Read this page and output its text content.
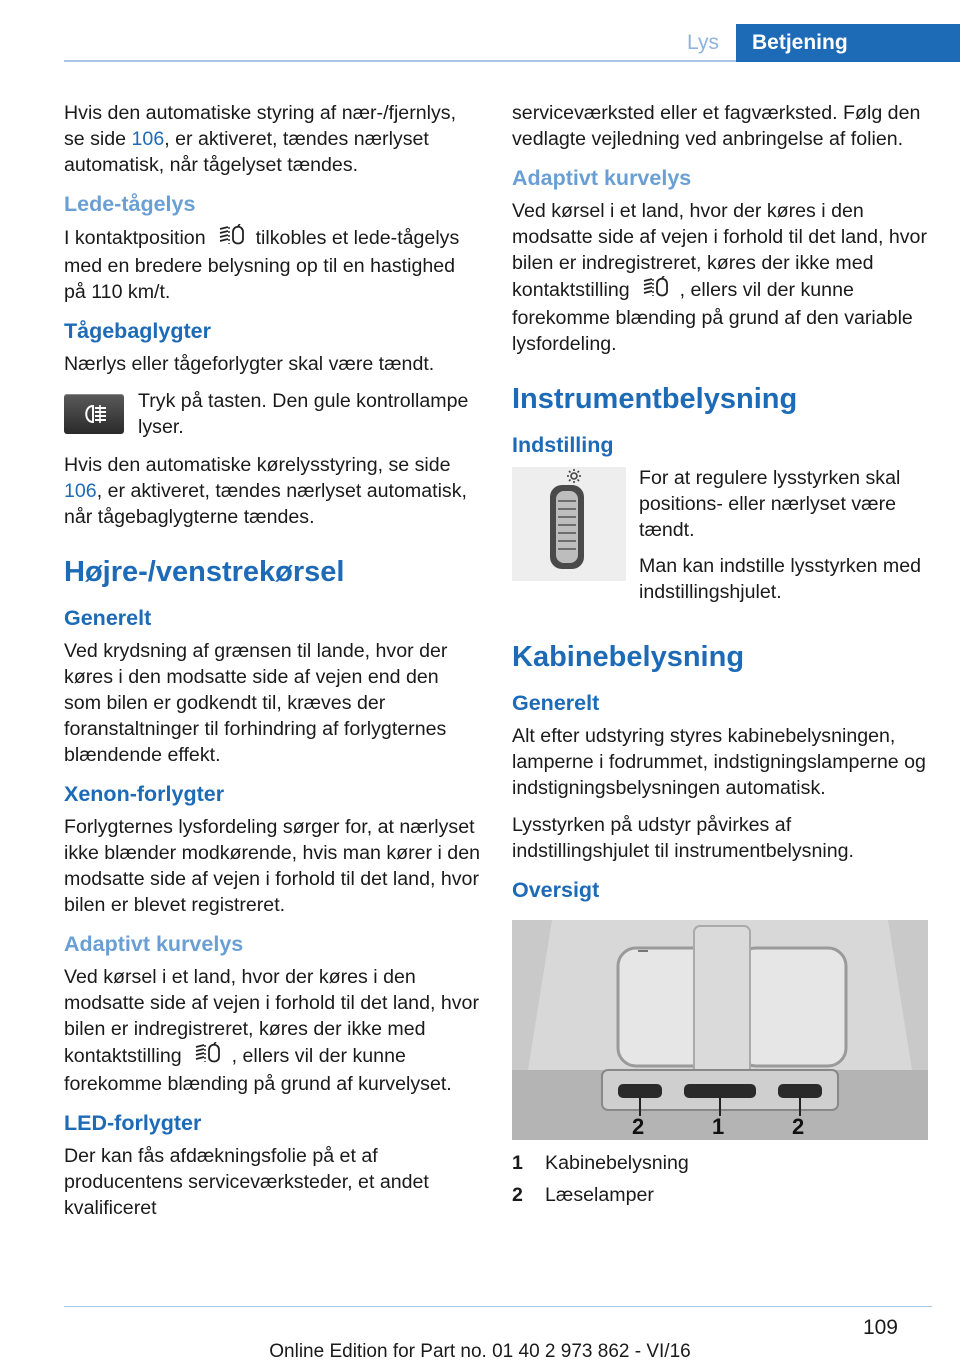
Lys	Betjening

Hvis den automatiske styring af nær-/fjernlys, se side 106, er aktiveret, tændes nærlyset automatisk, når tågelyset tændes.

Lede-tågelys

I kontaktposition	tilkobles et lede-tågelys med en bredere belysning op til en hastighed på 110 km/t.

Tågebaglygter

Nærlys eller tågeforlygter skal være tændt.

Tryk på tasten. Den gule kontrollampe lyser.

Hvis den automatiske kørelysstyring, se side 106, er aktiveret, tændes nærlyset automatisk, når tågebaglygterne tændes.

Højre-/venstrekørsel
Generelt

Ved krydsning af grænsen til lande, hvor der køres i den modsatte side af vejen end den som bilen er godkendt til, kræves der foranstaltninger til forhindring af forlygternes blændende effekt.

Xenon-forlygter

Forlygternes lysfordeling sørger for, at nærlyset ikke blænder modkørende, hvis man kører i den modsatte side af vejen i forhold til det land, hvor bilen er blevet registreret.

Adaptivt kurvelys

Ved kørsel i et land, hvor der køres i den modsatte side af vejen i forhold til det land, hvor bilen er indregistreret, køres der ikke med kontaktstilling	, ellers vil der kunne forekomme blænding på grund af kurvelyset.

LED-forlygter

Der kan fås afdækningsfolie på et af producentens serviceværksteder, et andet kvalificeret

serviceværksted eller et fagværksted. Følg den vedlagte vejledning ved anbringelse af folien.

Adaptivt kurvelys

Ved kørsel i et land, hvor der køres i den modsatte side af vejen i forhold til det land, hvor bilen er indregistreret, køres der ikke med kontaktstilling	, ellers vil der kunne forekomme blænding på grund af den variable lysfordeling.

Instrumentbelysning
Indstilling

For at regulere lysstyrken skal positions- eller nærlyset være tændt.

Man kan indstille lysstyrken med indstillingshjulet.

Kabinebelysning
Generelt

Alt efter udstyring styres kabinebelysningen, lamperne i fodrummet, indstigningslamperne og indstigningsbelysningen automatisk.

Lysstyrken på udstyr påvirkes af indstillingshjulet til instrumentbelysning.

Oversigt
2	1	2
1	Kabinebelysning
2	Læselamper
109
Online Edition for Part no. 01 40 2 973 862 - VI/16
